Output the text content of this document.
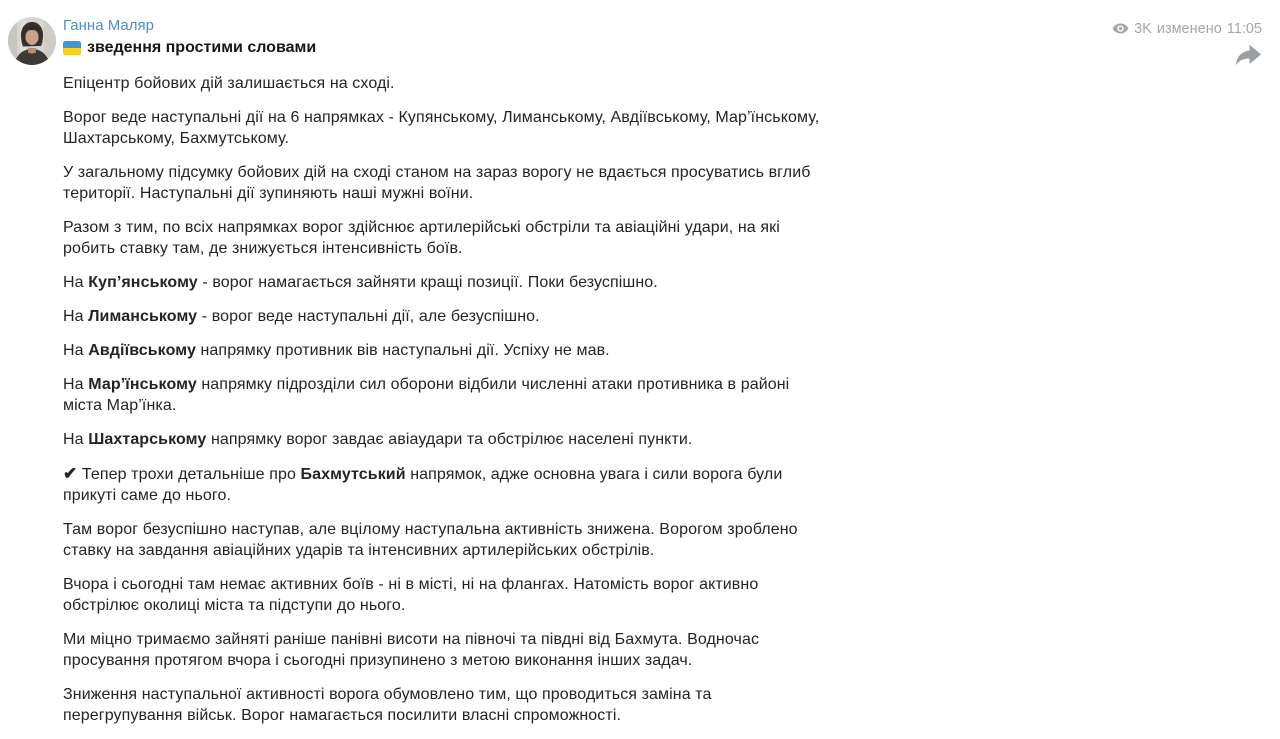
Ганна Маляр
зведення простими словами
3K изменено 11:05

Епіцентр бойових дій залишається на сході.

Ворог веде наступальні дії на 6 напрямках - Купянському, Лиманському, Авдіївському, Мар’їнському, Шахтарському, Бахмутському.

У загальному підсумку бойових дій на сході станом на зараз ворогу не вдається просуватись вглиб території. Наступальні дії зупиняють наші мужні воїни.

Разом з тим, по всіх напрямках ворог здійснює артилерійські обстріли та авіаційні удари, на які робить ставку там, де знижується інтенсивність боїв.

На Куп’янському - ворог намагається зайняти кращі позиції. Поки безуспішно.

На Лиманському - ворог веде наступальні дії, але безуспішно.

На Авдіївському напрямку противник вів наступальні дії. Успіху не мав.

На Мар’їнському напрямку підрозділи сил оборони відбили численні атаки противника в районі міста Мар’їнка.

На Шахтарському напрямку ворог завдає авіаудари та обстрілює населені пункти.

✔ Тепер трохи детальніше про Бахмутський напрямок, адже основна увага і сили ворога були прикуті саме до нього.

Там ворог безуспішно наступав, але вцілому наступальна активність знижена. Ворогом зроблено ставку на завдання авіаційних ударів та інтенсивних артилерійських обстрілів.

Вчора і сьогодні там немає активних боїв - ні в місті, ні на флангах. Натомість ворог активно обстрілює околиці міста та підступи до нього.

Ми міцно тримаємо зайняті раніше панівні висоти на півночі та півдні від Бахмута. Водночас просування протягом вчора і сьогодні призупинено з метою виконання інших задач.

Зниження наступальної активності ворога обумовлено тим, що проводиться заміна та перегрупування військ. Ворог намагається посилити власні спроможності.
